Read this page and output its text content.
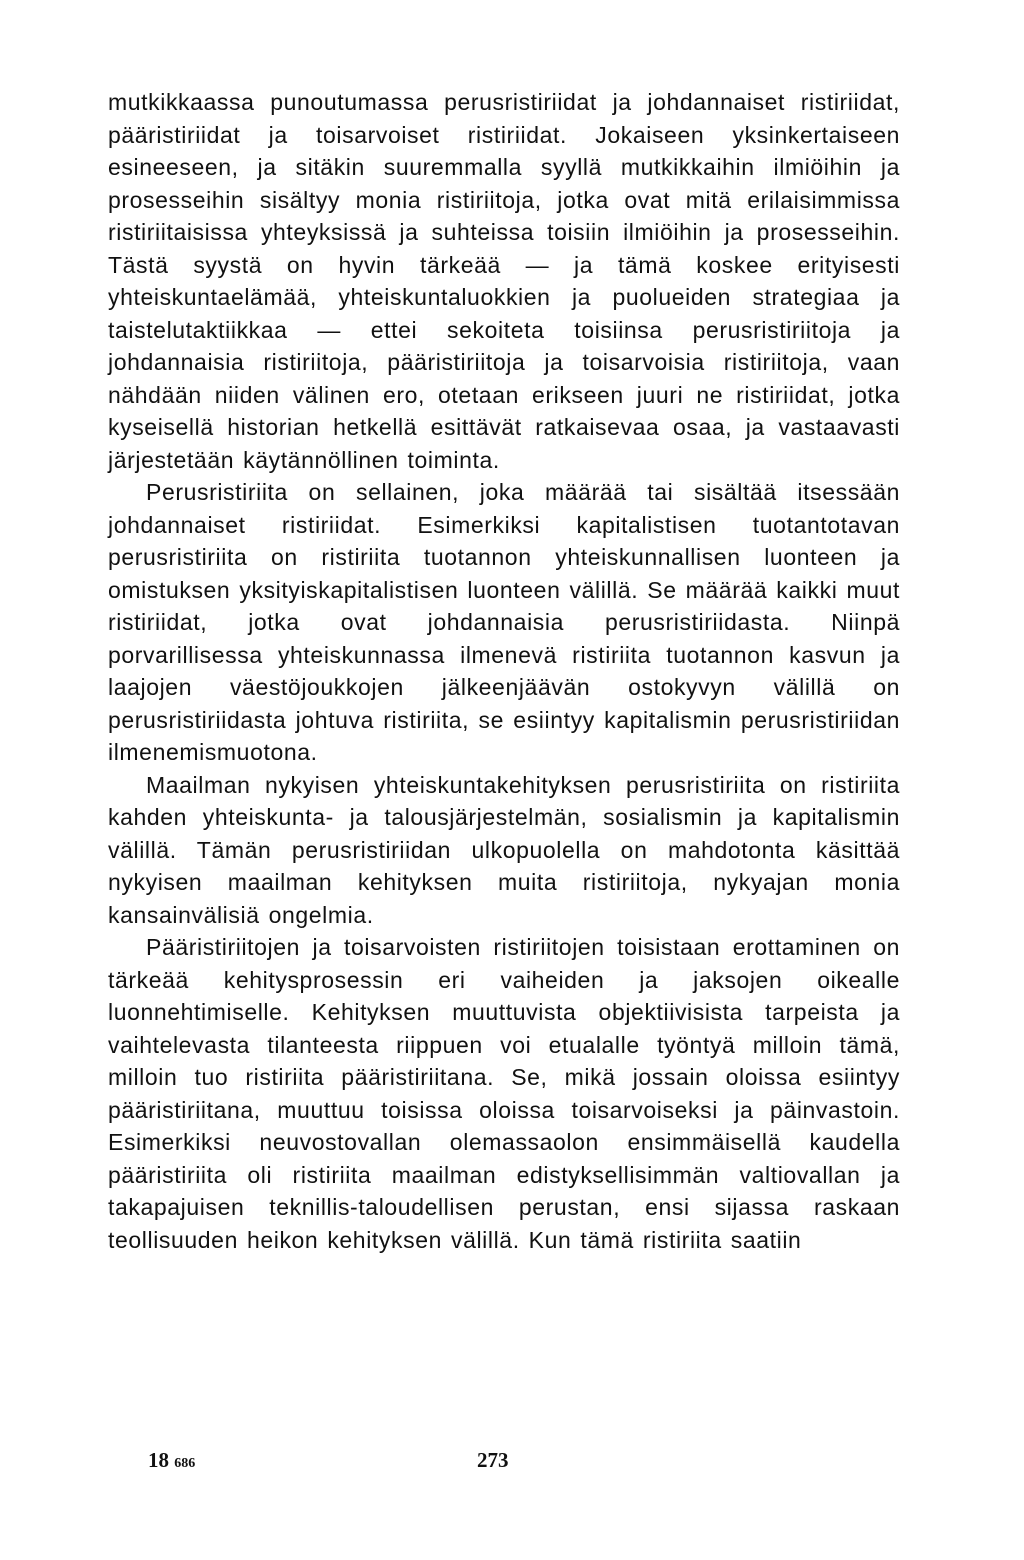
mutkikkaassa punoutumassa perusristiriidat ja johdannaiset ristiriidat, pääristiriidat ja toisarvoiset ristiriidat. Jokaiseen yksinkertaiseen esineeseen, ja sitäkin suuremmalla syyllä mutkikkaihin ilmiöihin ja prosesseihin sisältyy monia ristiriitoja, jotka ovat mitä erilaisimmissa ristiriitaisissa yhteyksissä ja suhteissa toisiin ilmiöihin ja prosesseihin. Tästä syystä on hyvin tärkeää — ja tämä koskee erityisesti yhteiskuntaelämää, yhteiskuntaluokkien ja puolueiden strategiaa ja taistelutaktiikkaa — ettei sekoiteta toisiinsa perusristiriitoja ja johdannaisia ristiriitoja, pääristiriitoja ja toisarvoisia ristiriitoja, vaan nähdään niiden välinen ero, otetaan erikseen juuri ne ristiriidat, jotka kyseisellä historian hetkellä esittävät ratkaisevaa osaa, ja vastaavasti järjestetään käytännöllinen toiminta.

Perusristiriita on sellainen, joka määrää tai sisältää itsessään johdannaiset ristiriidat. Esimerkiksi kapitalistisen tuotantotavan perusristiriita on ristiriita tuotannon yhteiskunnallisen luonteen ja omistuksen yksityiskapitalistisen luonteen välillä. Se määrää kaikki muut ristiriidat, jotka ovat johdannaisia perusristiriidasta. Niinpä porvarillisessa yhteiskunnassa ilmenevä ristiriita tuotannon kasvun ja laajojen väestöjoukkojen jälkeenjäävän ostokyvyn välillä on perusristiriidasta johtuva ristiriita, se esiintyy kapitalismin perusristiriidan ilmenemismuotona.

Maailman nykyisen yhteiskuntakehityksen perusristiriita on ristiriita kahden yhteiskunta- ja talousjärjestelmän, sosialismin ja kapitalismin välillä. Tämän perusristiriidan ulkopuolella on mahdotonta käsittää nykyisen maailman kehityksen muita ristiriitoja, nykyajan monia kansainvälisiä ongelmia.

Pääristiriitojen ja toisarvoisten ristiriitojen toisistaan erottaminen on tärkeää kehitysprosessin eri vaiheiden ja jaksojen oikealle luonnehtimiselle. Kehityksen muuttuvista objektiivisista tarpeista ja vaihtelevasta tilanteesta riippuen voi etualalle työntyä milloin tämä, milloin tuo ristiriita pääristiriitana. Se, mikä jossain oloissa esiintyy pääristiriitana, muuttuu toisissa oloissa toisarvoiseksi ja päinvastoin. Esimerkiksi neuvostovallan olemassaolon ensimmäisellä kaudella pääristiriita oli ristiriita maailman edistyksellisimmän valtiovallan ja takapajuisen teknillis-taloudellisen perustan, ensi sijassa raskaan teollisuuden heikon kehityksen välillä. Kun tämä ristiriita saatiin

18 686	273
